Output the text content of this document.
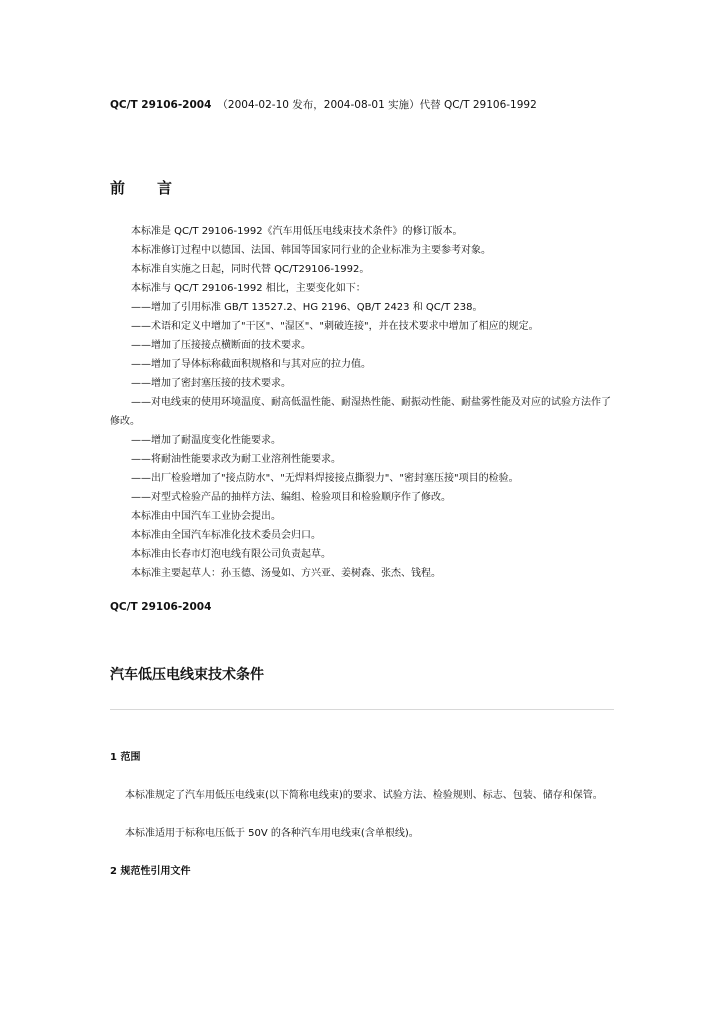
QC/T 29106-2004 （2004-02-10 发布，2004-08-01 实施）代替 QC/T 29106-1992
前 言
本标准是 QC/T 29106-1992《汽车用低压电线束技术条件》的修订版本。
本标准修订过程中以德国、法国、韩国等国家同行业的企业标准为主要参考对象。
本标准自实施之日起，同时代替 QC/T29106-1992。
本标准与 QC/T 29106-1992 相比，主要变化如下：
——增加了引用标准 GB/T 13527.2、HG 2196、QB/T 2423 和 QC/T 238。
——术语和定义中增加了"干区"、"湿区"、"刺破连接"，并在技术要求中增加了相应的规定。
——增加了压接接点横断面的技术要求。
——增加了导体标称截面积规格和与其对应的拉力值。
——增加了密封塞压接的技术要求。
——对电线束的使用环境温度、耐高低温性能、耐湿热性能、耐振动性能、耐盐雾性能及对应的试验方法作了修改。
——增加了耐温度变化性能要求。
——将耐油性能要求改为耐工业溶剂性能要求。
——出厂检验增加了"接点防水"、"无焊料焊接接点撕裂力"、"密封塞压接"项目的检验。
——对型式检验产品的抽样方法、编组、检验项目和检验顺序作了修改。
本标准由中国汽车工业协会提出。
本标准由全国汽车标准化技术委员会归口。
本标准由长春市灯泡电线有限公司负责起草。
本标准主要起草人：孙玉德、汤曼如、方兴亚、姜树森、张杰、钱程。
QC/T 29106-2004
汽车低压电线束技术条件
1 范围
本标准规定了汽车用低压电线束(以下简称电线束)的要求、试验方法、检验规则、标志、包装、储存和保管。
本标准适用于标称电压低于 50V 的各种汽车用电线束(含单根线)。
2 规范性引用文件
